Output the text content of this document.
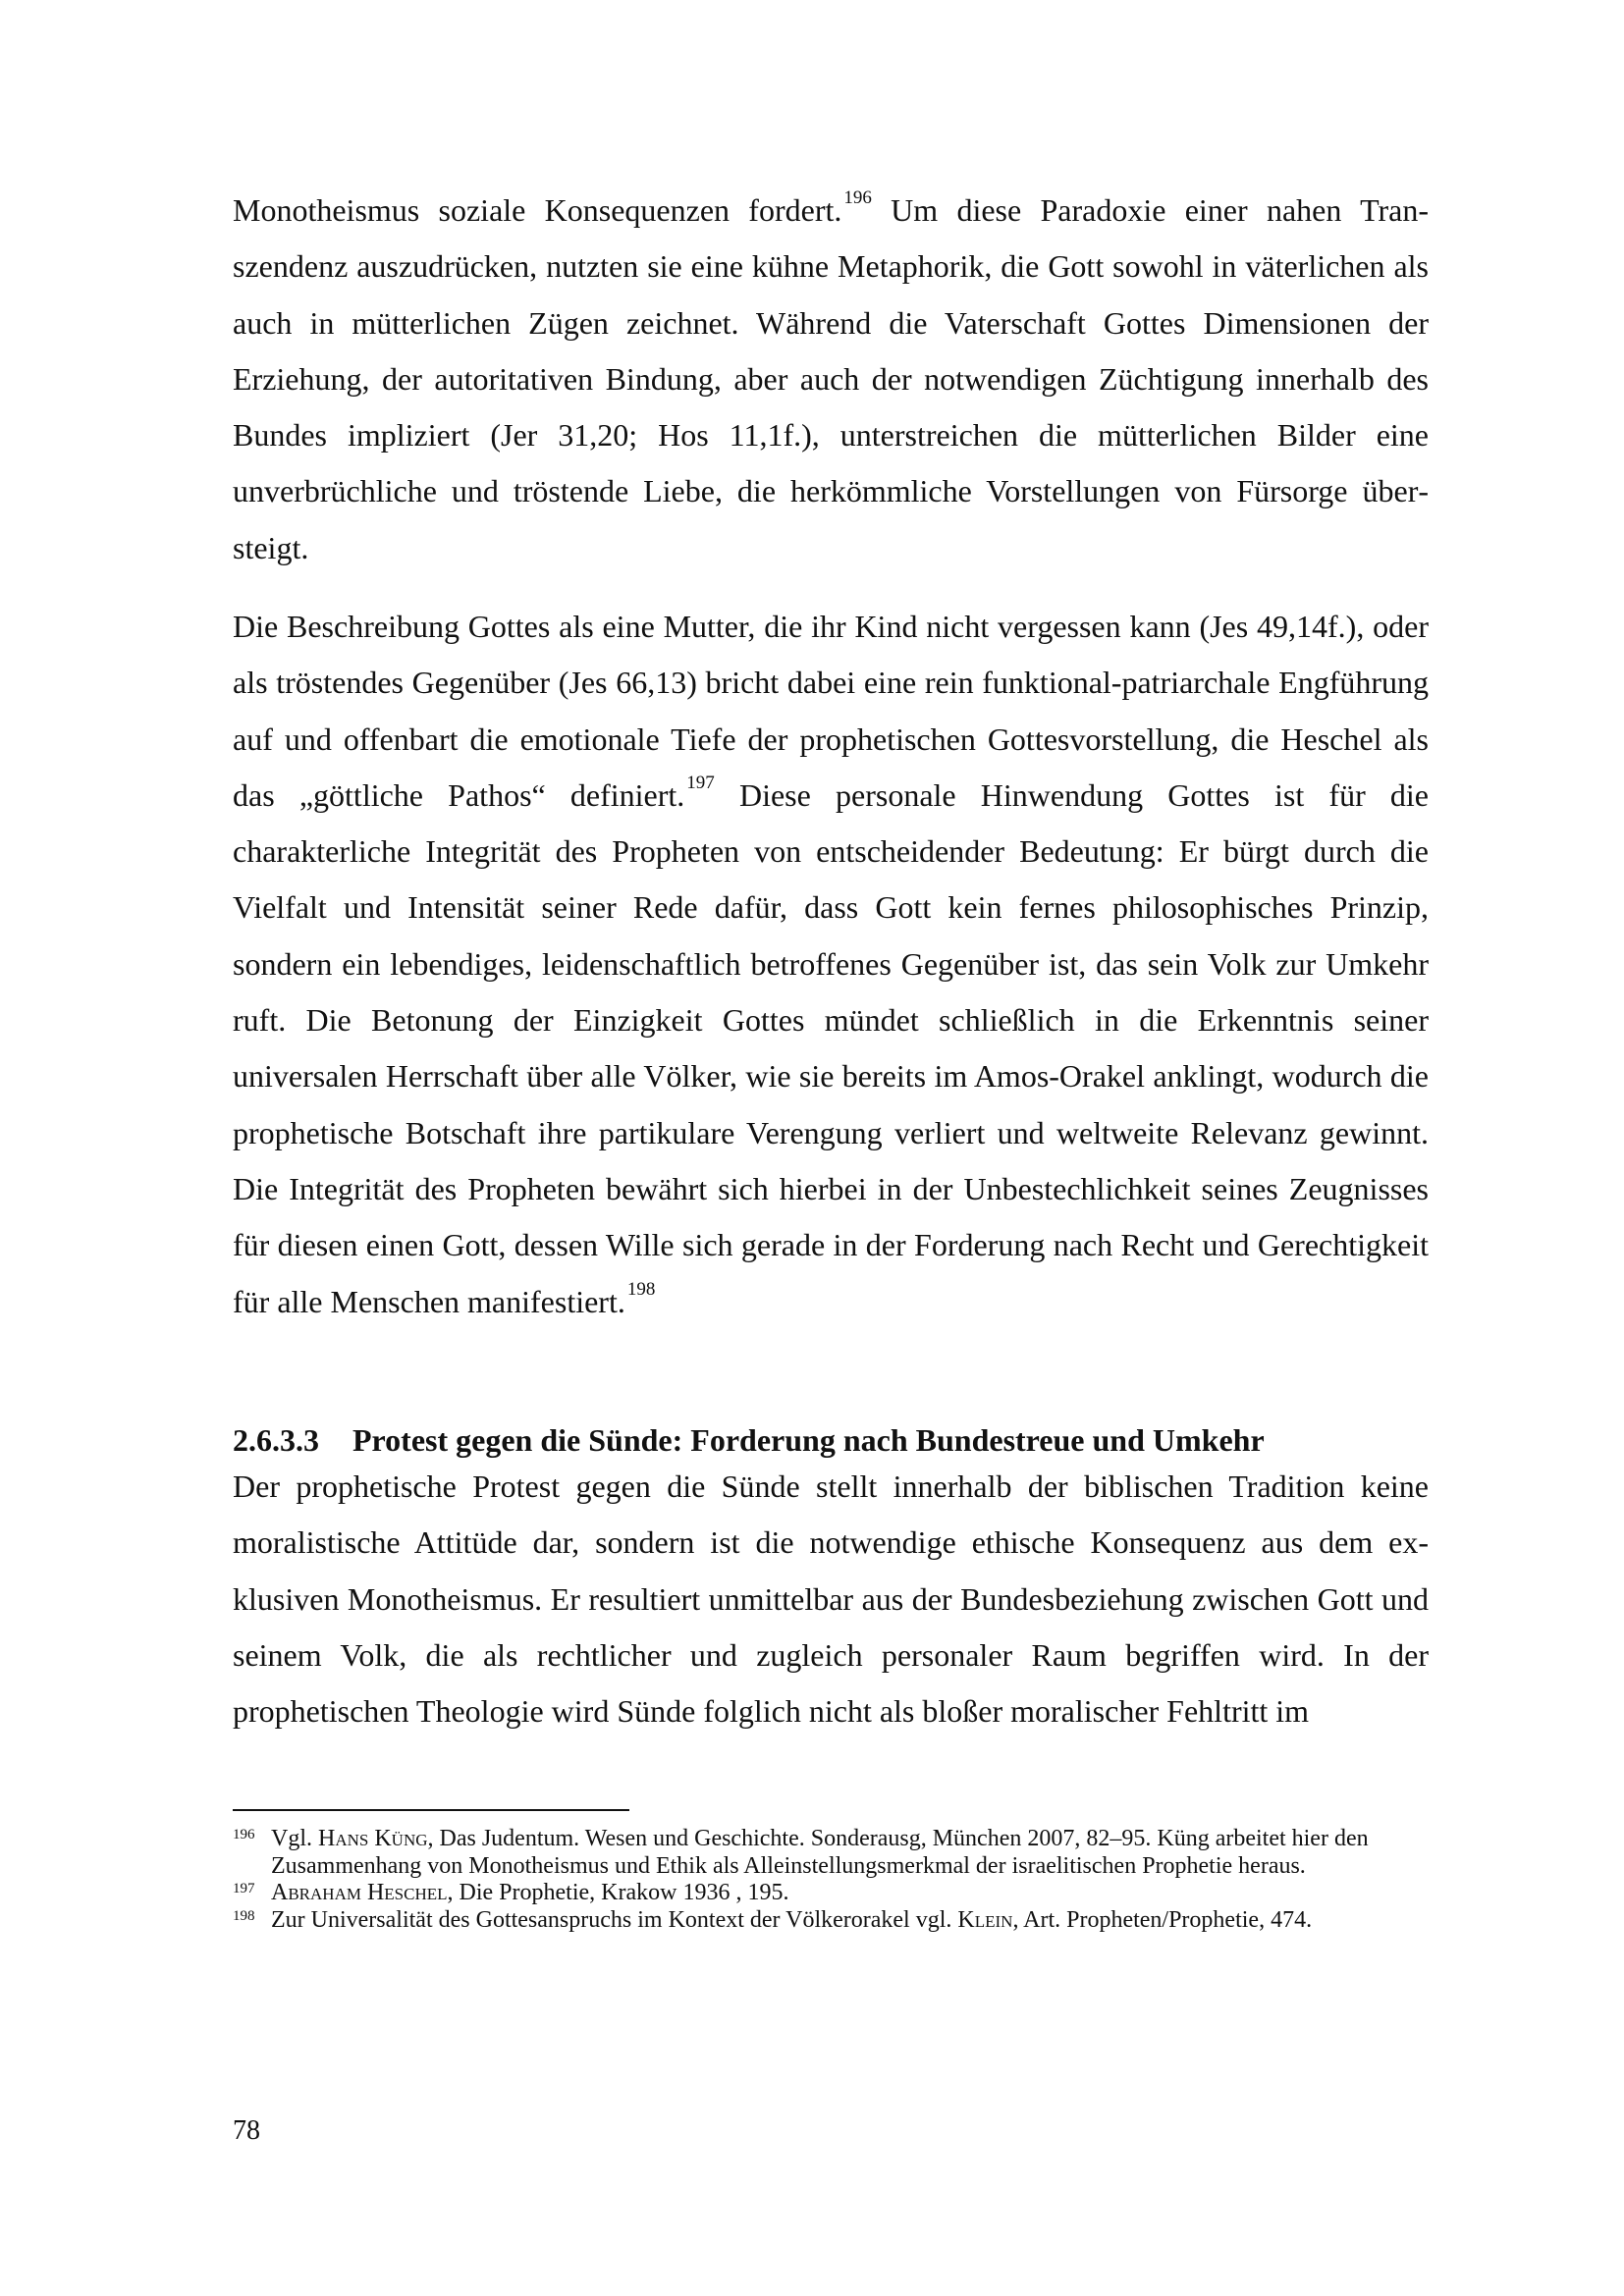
Monotheismus soziale Konsequenzen fordert. $^{196}$ Um diese Paradoxie einer nahen Transzendenz auszudrücken, nutzten sie eine kühne Metaphorik, die Gott sowohl in väterlichen als auch in mütterlichen Zügen zeichnet. Während die Vaterschaft Gottes Dimensionen der Erziehung, der autoritativen Bindung, aber auch der notwendigen Züchtigung innerhalb des Bundes impliziert (Jer 31,20; Hos 11,1f.), unterstreichen die mütterlichen Bilder eine unverbrüchliche und tröstende Liebe, die herkömmliche Vorstellungen von Fürsorge übersteigt.

Die Beschreibung Gottes als eine Mutter, die ihr Kind nicht vergessen kann (Jes 49,14f.), oder als tröstendes Gegenüber (Jes 66,13) bricht dabei eine rein funktional-patriarchale Engführung auf und offenbart die emotionale Tiefe der prophetischen Gottesvorstellung, die Heschel als das „göttliche Pathos“ definiert. $^{197}$ Diese personale Hinwendung Gottes ist für die charakterliche Integrität des Propheten von entscheidender Bedeutung: Er bürgt durch die Vielfalt und Intensität seiner Rede dafür, dass Gott kein fernes philosophisches Prinzip, sondern ein lebendiges, leidenschaftlich betroffenes Gegenüber ist, das sein Volk zur Umkehr ruft. Die Betonung der Einzigkeit Gottes mündet schließlich in die Erkenntnis seiner universalen Herrschaft über alle Völker, wie sie bereits im Amos-Orakel anklingt, wodurch die prophetische Botschaft ihre partikulare Verengung verliert und weltweite Relevanz gewinnt. Die Integrität des Propheten bewährt sich hierbei in der Unbestechlichkeit seines Zeugnisses für diesen einen Gott, dessen Wille sich gerade in der Forderung nach Recht und Gerechtigkeit für alle Menschen manifestiert. $^{198}$

2.6.3.3 Protest gegen die Sünde: Forderung nach Bundestreue und Umkehr

Der prophetische Protest gegen die Sünde stellt innerhalb der biblischen Tradition keine moralistische Attitüde dar, sondern ist die notwendige ethische Konsequenz aus dem exklusiven Monotheismus. Er resultiert unmittelbar aus der Bundesbeziehung zwischen Gott und seinem Volk, die als rechtlicher und zugleich personaler Raum begriffen wird. In der prophetischen Theologie wird Sünde folglich nicht als bloßer moralischer Fehltritt im

196 Vgl. Hans Küng, Das Judentum. Wesen und Geschichte. Sonderausg, München 2007, 82–95. Küng arbeitet hier den Zusammenhang von Monotheismus und Ethik als Alleinstellungsmerkmal der israelitischen Prophetie heraus.
197 Abraham Heschel, Die Prophetie, Krakow 1936 , 195.
198 Zur Universalität des Gottesanspruchs im Kontext der Völkerorakel vgl. Klein, Art. Propheten/Prophetie, 474.
78
